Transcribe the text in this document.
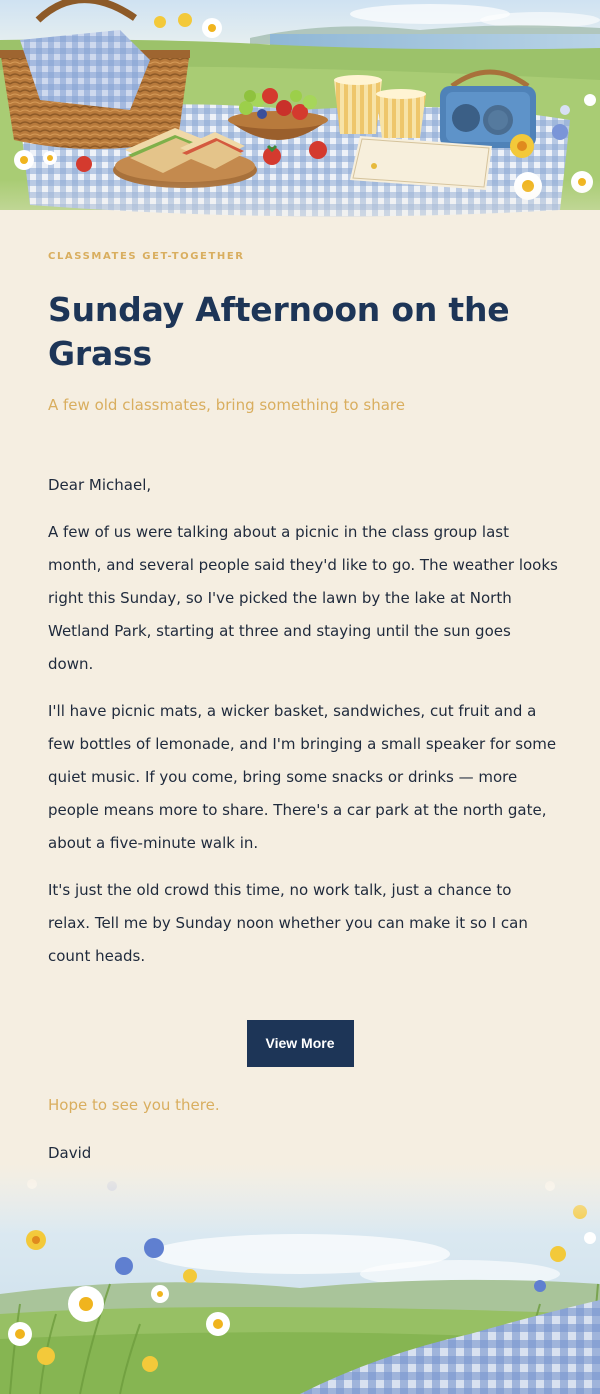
CLASSMATES GET-TOGETHER

Sunday Afternoon on the Grass

A few old classmates, bring something to share

Dear Michael,

A few of us were talking about a picnic in the class group last month, and several people said they'd like to go. The weather looks right this Sunday, so I've picked the lawn by the lake at North Wetland Park, starting at three and staying until the sun goes down.

I'll have picnic mats, a wicker basket, sandwiches, cut fruit and a few bottles of lemonade, and I'm bringing a small speaker for some quiet music. If you come, bring some snacks or drinks — more people means more to share. There's a car park at the north gate, about a five-minute walk in.

It's just the old crowd this time, no work talk, just a chance to relax. Tell me by Sunday noon whether you can make it so I can count heads.

View More

Hope to see you there.

David
